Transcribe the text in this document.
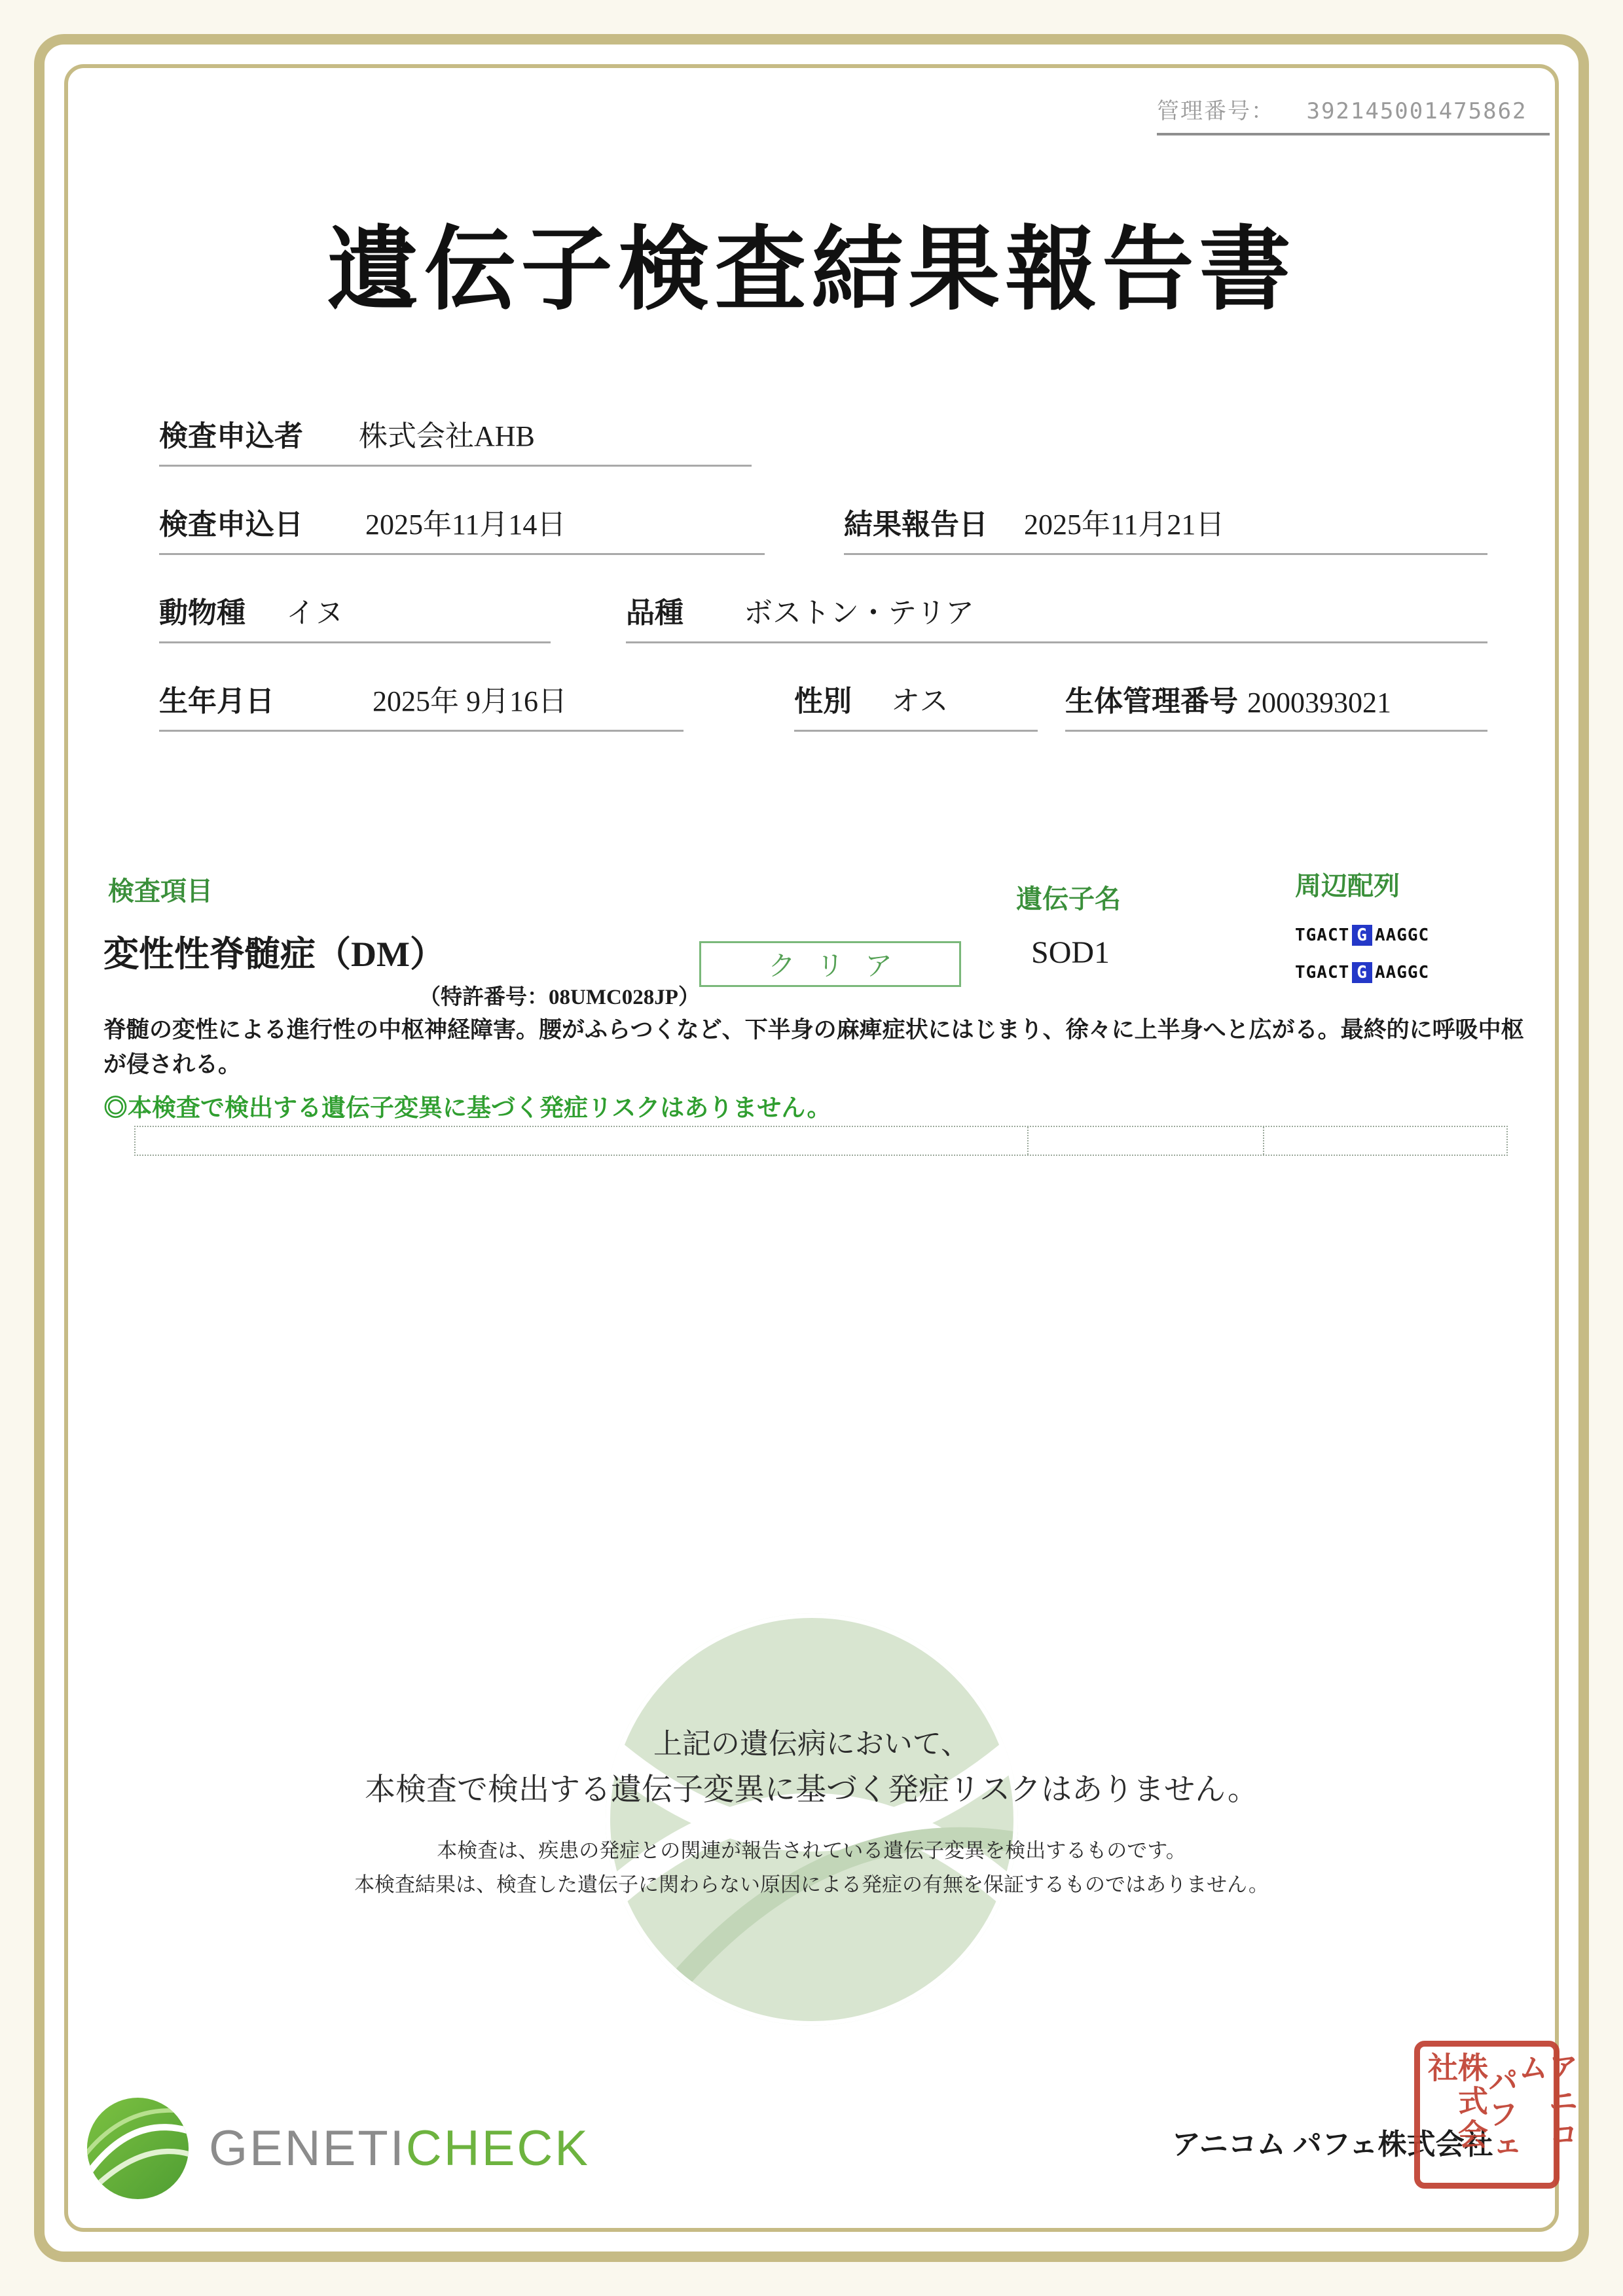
管理番号： 392145001475862
遺伝子検査結果報告書
検査申込者 株式会社AHB
検査申込日 2025年11月14日	結果報告日 2025年11月21日
動物種 イヌ	品種 ボストン・テリア
生年月日	2025年 9月16日	性別 オス	生体管理番号 2000393021
検査項目	遺伝子名	周辺配列
変性性脊髄症（DM）
（特許番号：08UMC028JP）
クリア	SOD1	TGACT G AAGGC
TGACT G AAGGC
脊髄の変性による進行性の中枢神経障害。腰がふらつくなど、下半身の麻痺症状にはじまり、徐々に上半身へと広がる。最終的に呼吸中枢が侵される。
◎本検査で検出する遺伝子変異に基づく発症リスクはありません。
上記の遺伝病において、
本検査で検出する遺伝子変異に基づく発症リスクはありません。
本検査は、疾患の発症との関連が報告されている遺伝子変異を検出するものです。
本検査結果は、検査した遺伝子に関わらない原因による発症の有無を保証するものではありません。
GENETICHECK	アニコム パフェ株式会社	アニコム
パフェ
株式会社
